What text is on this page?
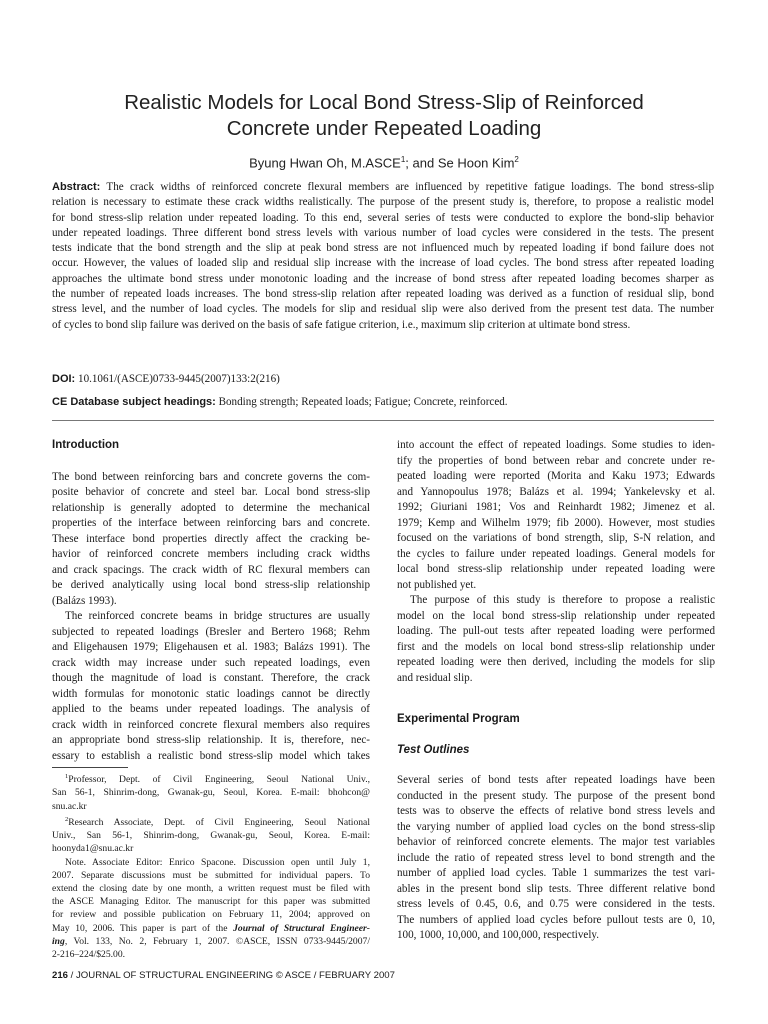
Realistic Models for Local Bond Stress-Slip of Reinforced
Concrete under Repeated Loading
Byung Hwan Oh, M.ASCE$^1$; and Se Hoon Kim$^2$
Abstract: The crack widths of reinforced concrete flexural members are influenced by repetitive fatigue loadings. The bond stress-slip
relation is necessary to estimate these crack widths realistically. The purpose of the present study is, therefore, to propose a realistic model
for bond stress-slip relation under repeated loading. To this end, several series of tests were conducted to explore the bond-slip behavior
under repeated loadings. Three different bond stress levels with various number of load cycles were considered in the tests. The present
tests indicate that the bond strength and the slip at peak bond stress are not influenced much by repeated loading if bond failure does not
occur. However, the values of loaded slip and residual slip increase with the increase of load cycles. The bond stress after repeated loading
approaches the ultimate bond stress under monotonic loading and the increase of bond stress after repeated loading becomes sharper as
the number of repeated loads increases. The bond stress-slip relation after repeated loading was derived as a function of residual slip, bond
stress level, and the number of load cycles. The models for slip and residual slip were also derived from the present test data. The number
of cycles to bond slip failure was derived on the basis of safe fatigue criterion, i.e., maximum slip criterion at ultimate bond stress.
DOI: 10.1061/(ASCE)0733-9445(2007)133:2(216)
CE Database subject headings: Bonding strength; Repeated loads; Fatigue; Concrete, reinforced.
Introduction
The bond between reinforcing bars and concrete governs the com-
posite behavior of concrete and steel bar. Local bond stress-slip
relationship is generally adopted to determine the mechanical
properties of the interface between reinforcing bars and concrete.
These interface bond properties directly affect the cracking be-
havior of reinforced concrete members including crack widths
and crack spacings. The crack width of RC flexural members can
be derived analytically using local bond stress-slip relationship
(Balázs 1993).
The reinforced concrete beams in bridge structures are usually
subjected to repeated loadings (Bresler and Bertero 1968; Rehm
and Eligehausen 1979; Eligehausen et al. 1983; Balázs 1991). The
crack width may increase under such repeated loadings, even
though the magnitude of load is constant. Therefore, the crack
width formulas for monotonic static loadings cannot be directly
applied to the beams under repeated loadings. The analysis of
crack width in reinforced concrete flexural members also requires
an appropriate bond stress-slip relationship. It is, therefore, nec-
essary to establish a realistic bond stress-slip model which takes
$^1$Professor, Dept. of Civil Engineering, Seoul National Univ.,
San 56-1, Shinrim-dong, Gwanak-gu, Seoul, Korea. E-mail: bhohcon@
snu.ac.kr
$^2$Research Associate, Dept. of Civil Engineering, Seoul National
Univ., San 56-1, Shinrim-dong, Gwanak-gu, Seoul, Korea. E-mail:
hoonyda1@snu.ac.kr
Note. Associate Editor: Enrico Spacone. Discussion open until July 1,
2007. Separate discussions must be submitted for individual papers. To
extend the closing date by one month, a written request must be filed with
the ASCE Managing Editor. The manuscript for this paper was submitted
for review and possible publication on February 11, 2004; approved on
May 10, 2006. This paper is part of the Journal of Structural Engineer-
ing, Vol. 133, No. 2, February 1, 2007. ©ASCE, ISSN 0733-9445/2007/
2-216–224/$25.00.
into account the effect of repeated loadings. Some studies to iden-
tify the properties of bond between rebar and concrete under re-
peated loading were reported (Morita and Kaku 1973; Edwards
and Yannopoulus 1978; Balázs et al. 1994; Yankelevsky et al.
1992; Giuriani 1981; Vos and Reinhardt 1982; Jimenez et al.
1979; Kemp and Wilhelm 1979; fib 2000). However, most studies
focused on the variations of bond strength, slip, S-N relation, and
the cycles to failure under repeated loadings. General models for
local bond stress-slip relationship under repeated loading were
not published yet.
The purpose of this study is therefore to propose a realistic
model on the local bond stress-slip relationship under repeated
loading. The pull-out tests after repeated loading were performed
first and the models on local bond stress-slip relationship under
repeated loading were then derived, including the models for slip
and residual slip.
Experimental Program
Test Outlines
Several series of bond tests after repeated loadings have been
conducted in the present study. The purpose of the present bond
tests was to observe the effects of relative bond stress levels and
the varying number of applied load cycles on the bond stress-slip
behavior of reinforced concrete elements. The major test variables
include the ratio of repeated stress level to bond strength and the
number of applied load cycles. Table 1 summarizes the test vari-
ables in the present bond slip tests. Three different relative bond
stress levels of 0.45, 0.6, and 0.75 were considered in the tests.
The numbers of applied load cycles before pullout tests are 0, 10,
100, 1000, 10,000, and 100,000, respectively.
216 / JOURNAL OF STRUCTURAL ENGINEERING © ASCE / FEBRUARY 2007
